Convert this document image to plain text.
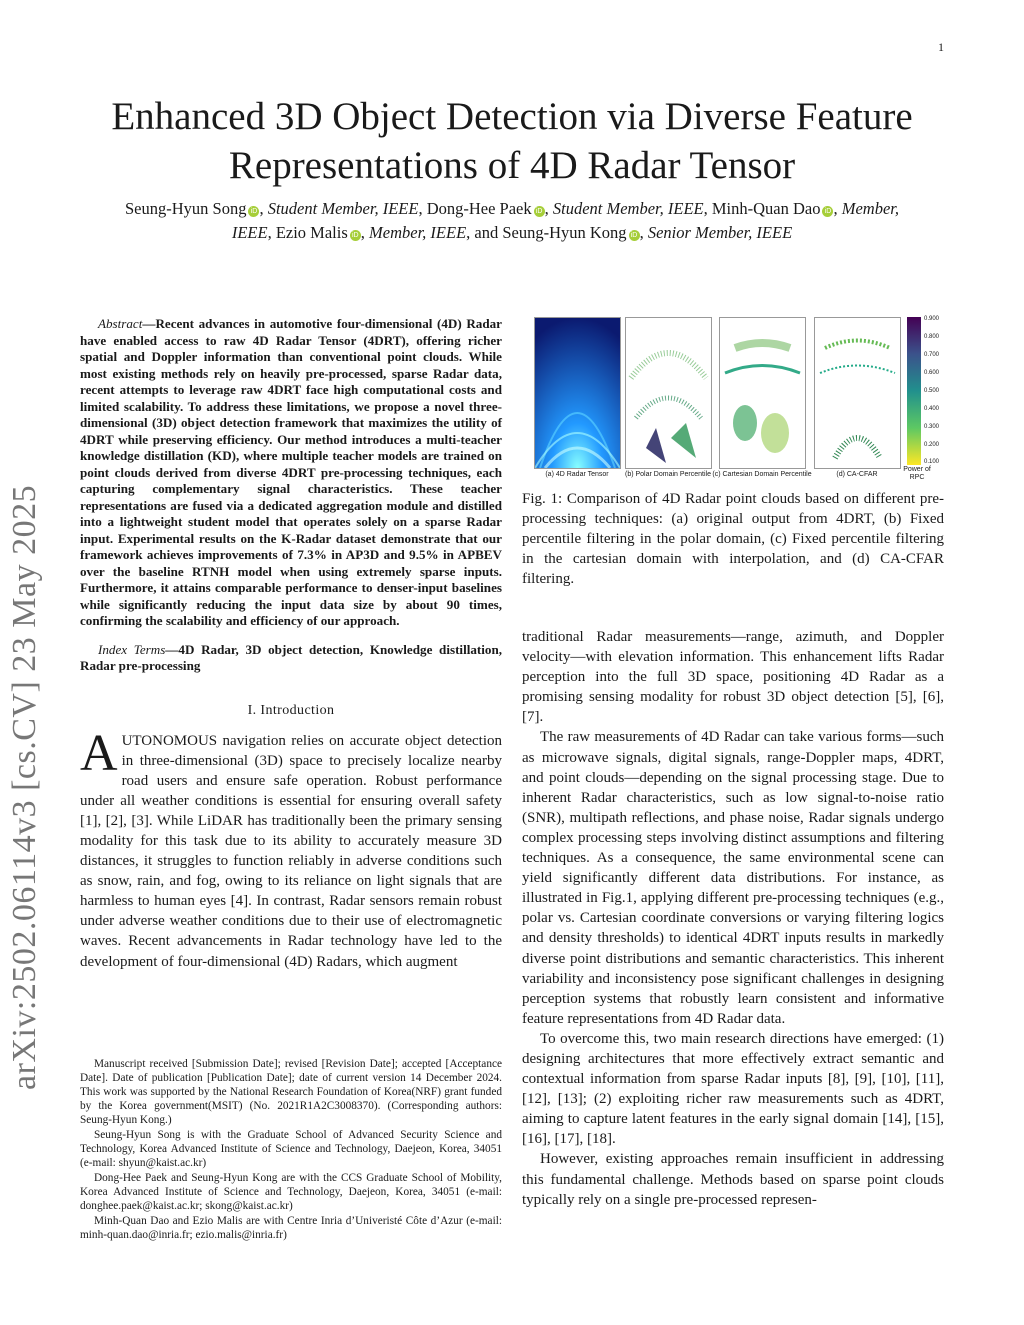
1
arXiv:2502.06114v3 [cs.CV] 23 May 2025
Enhanced 3D Object Detection via Diverse Feature
Representations of 4D Radar Tensor
Seung-Hyun Song iD , Student Member, IEEE, Dong-Hee Paek iD , Student Member, IEEE, Minh-Quan Dao iD , Member, IEEE, Ezio Malis iD , Member, IEEE, and Seung-Hyun Kong iD , Senior Member, IEEE

Abstract—Recent advances in automotive four-dimensional (4D) Radar have enabled access to raw 4D Radar Tensor (4DRT), offering richer spatial and Doppler information than conventional point clouds. While most existing methods rely on heavily pre-processed, sparse Radar data, recent attempts to leverage raw 4DRT face high computational costs and limited scalability. To address these limitations, we propose a novel three-dimensional (3D) object detection framework that maximizes the utility of 4DRT while preserving efficiency. Our method introduces a multi-teacher knowledge distillation (KD), where multiple teacher models are trained on point clouds derived from diverse 4DRT pre-processing techniques, each capturing complementary signal characteristics. These teacher representations are fused via a dedicated aggregation module and distilled into a lightweight student model that operates solely on a sparse Radar input. Experimental results on the K-Radar dataset demonstrate that our framework achieves improvements of 7.3% in AP3D and 9.5% in APBEV over the baseline RTNH model when using extremely sparse inputs. Furthermore, it attains comparable performance to denser-input baselines while significantly reducing the input data size by about 90 times, confirming the scalability and efficiency of our approach.

Index Terms—4D Radar, 3D object detection, Knowledge distillation, Radar pre-processing

I. Introduction

AUTONOMOUS navigation relies on accurate object detection in three-dimensional (3D) space to precisely localize nearby road users and ensure safe operation. Robust performance under all weather conditions is essential for ensuring overall safety [1], [2], [3]. While LiDAR has traditionally been the primary sensing modality for this task due to its ability to accurately measure 3D distances, it struggles to function reliably in adverse conditions such as snow, rain, and fog, owing to its reliance on light signals that are harmless to human eyes [4]. In contrast, Radar sensors remain robust under adverse weather conditions due to their use of electromagnetic waves. Recent advancements in Radar technology have led to the development of four-dimensional (4D) Radars, which augment

Manuscript received [Submission Date]; revised [Revision Date]; accepted [Acceptance Date]. Date of publication [Publication Date]; date of current version 14 December 2024. This work was supported by the National Research Foundation of Korea(NRF) grant funded by the Korea government(MSIT) (No. 2021R1A2C3008370). (Corresponding authors: Seung-Hyun Kong.)

Seung-Hyun Song is with the Graduate School of Advanced Security Science and Technology, Korea Advanced Institute of Science and Technology, Daejeon, Korea, 34051 (e-mail: shyun@kaist.ac.kr)

Dong-Hee Paek and Seung-Hyun Kong are with the CCS Graduate School of Mobility, Korea Advanced Institute of Science and Technology, Daejeon, Korea, 34051 (e-mail: donghee.paek@kaist.ac.kr; skong@kaist.ac.kr)

Minh-Quan Dao and Ezio Malis are with Centre Inria d’Univeristé Côte d’Azur (e-mail: minh-quan.dao@inria.fr; ezio.malis@inria.fr)

(a) 4D Radar Tensor	(b) Polar Domain Percentile (c) Cartesian Domain Percentile	(d) CA-CFAR
0.900
0.800
0.700
0.600
0.500
0.400
0.300
0.200
0.100
Power of RPC

Fig. 1: Comparison of 4D Radar point clouds based on different pre-processing techniques: (a) original output from 4DRT, (b) Fixed percentile filtering in the polar domain, (c) Fixed percentile filtering in the cartesian domain with interpolation, and (d) CA-CFAR filtering.

traditional Radar measurements—range, azimuth, and Doppler velocity—with elevation information. This enhancement lifts Radar perception into the full 3D space, positioning 4D Radar as a promising sensing modality for robust 3D object detection [5], [6], [7].

The raw measurements of 4D Radar can take various forms—such as microwave signals, digital signals, range-Doppler maps, 4DRT, and point clouds—depending on the signal processing stage. Due to inherent Radar characteristics, such as low signal-to-noise ratio (SNR), multipath reflections, and phase noise, Radar signals undergo complex processing steps involving distinct assumptions and filtering techniques. As a consequence, the same environmental scene can yield significantly different data distributions. For instance, as illustrated in Fig.1, applying different pre-processing techniques (e.g., polar vs. Cartesian coordinate conversions or varying filtering logics and density thresholds) to identical 4DRT inputs results in markedly diverse point distributions and semantic characteristics. This inherent variability and inconsistency pose significant challenges in designing perception systems that robustly learn consistent and informative feature representations from 4D Radar data.

To overcome this, two main research directions have emerged: (1) designing architectures that more effectively extract semantic and contextual information from sparse Radar inputs [8], [9], [10], [11], [12], [13]; (2) exploiting richer raw measurements such as 4DRT, aiming to capture latent features in the early signal domain [14], [15], [16], [17], [18].

However, existing approaches remain insufficient in addressing this fundamental challenge. Methods based on sparse point clouds typically rely on a single pre-processed represen-
